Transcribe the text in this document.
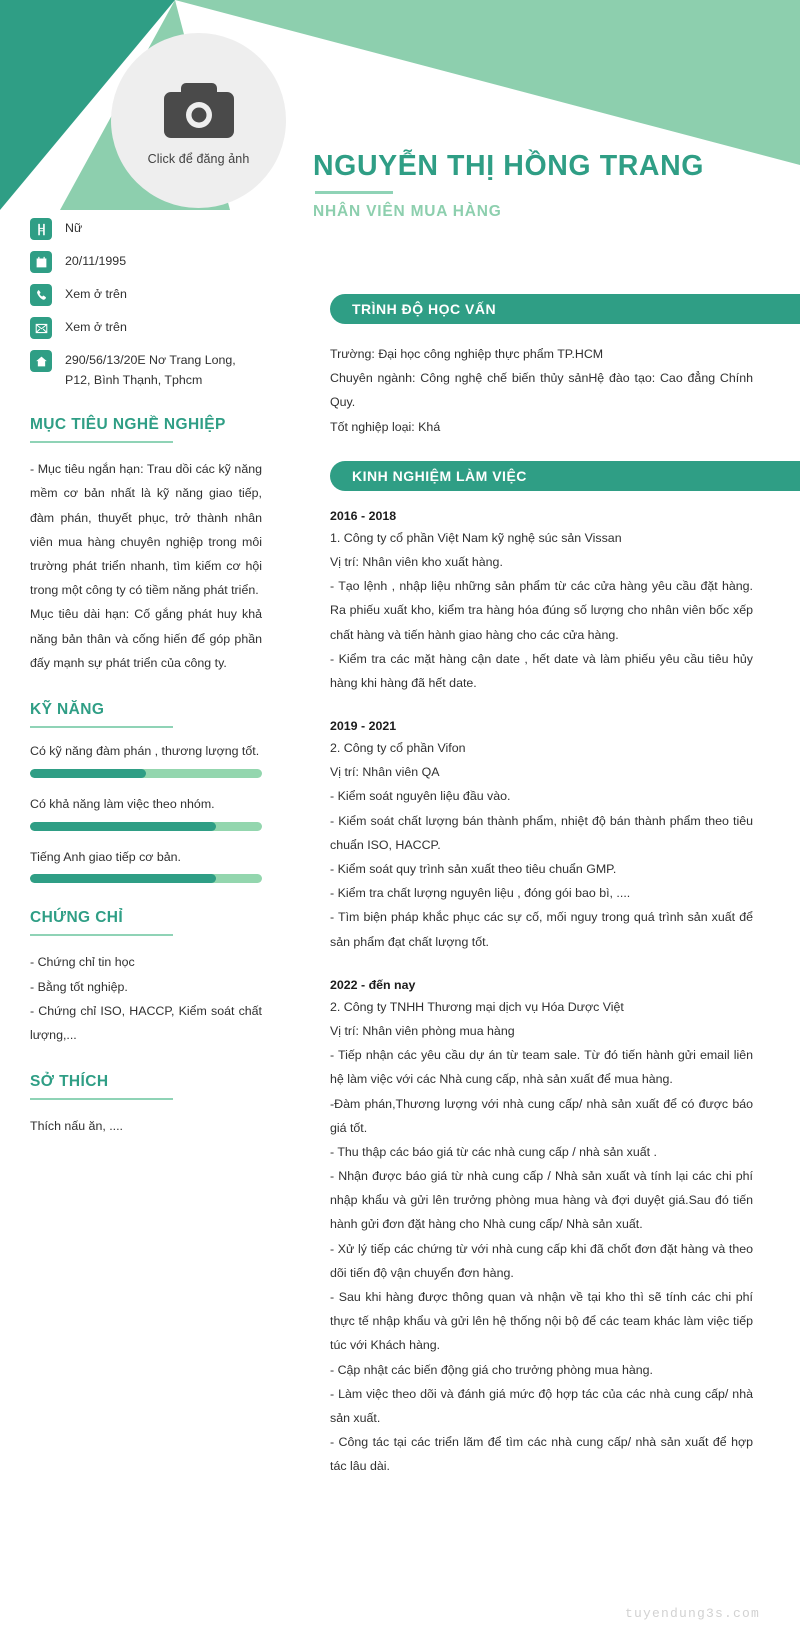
Click để đăng ảnh NGUYỄN THỊ HỒNG TRANG
NHÂN VIÊN MUA HÀNG
Nữ
20/11/1995
Xem ở trên
Xem ở trên
290/56/13/20E Nơ Trang Long, P12, Bình Thạnh, Tphcm
MỤC TIÊU NGHỀ NGHIỆP

- Mục tiêu ngắn hạn: Trau dồi các kỹ năng mềm cơ bản nhất là kỹ năng giao tiếp, đàm phán, thuyết phục, trở thành nhân viên mua hàng chuyên nghiệp trong môi trường phát triển nhanh, tìm kiếm cơ hội trong một công ty có tiềm năng phát triển.

Mục tiêu dài hạn: Cố gắng phát huy khả năng bản thân và cống hiến để góp phần đấy mạnh sự phát triển của công ty.

KỸ NĂNG
Có kỹ năng đàm phán , thương lượng tốt.
Có khả năng làm việc theo nhóm.
Tiếng Anh giao tiếp cơ bản.
CHỨNG CHỈ

- Chứng chỉ tin học

- Bằng tốt nghiệp.

- Chứng chỉ ISO, HACCP, Kiểm soát chất lượng,...

SỞ THÍCH

Thích nấu ăn, ....

TRÌNH ĐỘ HỌC VẤN

Trường: Đại học công nghiệp thực phẩm TP.HCM

Chuyên ngành: Công nghệ chế biến thủy sảnHệ đào tạo: Cao đẳng Chính Quy.

Tốt nghiệp loại: Khá

KINH NGHIỆM LÀM VIỆC
2016 - 2018

1. Công ty cổ phần Việt Nam kỹ nghệ súc sản Vissan

Vị trí: Nhân viên kho xuất hàng.

- Tạo lệnh , nhập liệu những sản phẩm từ các cửa hàng yêu cầu đặt hàng. Ra phiếu xuất kho, kiểm tra hàng hóa đúng số lượng cho nhân viên bốc xếp chất hàng và tiến hành giao hàng cho các cửa hàng.

- Kiểm tra các mặt hàng cận date , hết date và làm phiếu yêu cầu tiêu hủy hàng khi hàng đã hết date.

2019 - 2021

2. Công ty cổ phần Vifon

Vị trí: Nhân viên QA

- Kiểm soát nguyên liệu đầu vào.

- Kiểm soát chất lượng bán thành phẩm, nhiệt độ bán thành phẩm theo tiêu chuẩn ISO, HACCP.

- Kiểm soát quy trình sản xuất theo tiêu chuẩn GMP.

- Kiểm tra chất lượng nguyên liệu , đóng gói bao bì, ....

- Tìm biện pháp khắc phục các sự cố, mối nguy trong quá trình sản xuất để sản phẩm đạt chất lượng tốt.

2022 - đến nay

2. Công ty TNHH Thương mại dịch vụ Hóa Dược Việt

Vị trí: Nhân viên phòng mua hàng

- Tiếp nhận các yêu cầu dự án từ team sale. Từ đó tiến hành gửi email liên hệ làm việc với các Nhà cung cấp, nhà sản xuất để mua hàng.

-Đàm phán,Thương lượng với nhà cung cấp/ nhà sản xuất để có được báo giá tốt.

- Thu thập các báo giá từ các nhà cung cấp / nhà sản xuất .

- Nhận được báo giá từ nhà cung cấp / Nhà sản xuất và tính lại các chi phí nhập khẩu và gửi lên trưởng phòng mua hàng và đợi duyệt giá.Sau đó tiến hành gửi đơn đặt hàng cho Nhà cung cấp/ Nhà sản xuất.

- Xử lý tiếp các chứng từ với nhà cung cấp khi đã chốt đơn đặt hàng và theo dõi tiến độ vận chuyển đơn hàng.

- Sau khi hàng được thông quan và nhận về tại kho thì sẽ tính các chi phí thực tế nhập khẩu và gửi lên hệ thống nội bộ để các team khác làm việc tiếp túc với Khách hàng.

- Cập nhật các biến động giá cho trưởng phòng mua hàng.

- Làm việc theo dõi và đánh giá mức độ hợp tác của các nhà cung cấp/ nhà sản xuất.

- Công tác tại các triển lãm để tìm các nhà cung cấp/ nhà sản xuất để hợp tác lâu dài.

tuyendung3s.com
